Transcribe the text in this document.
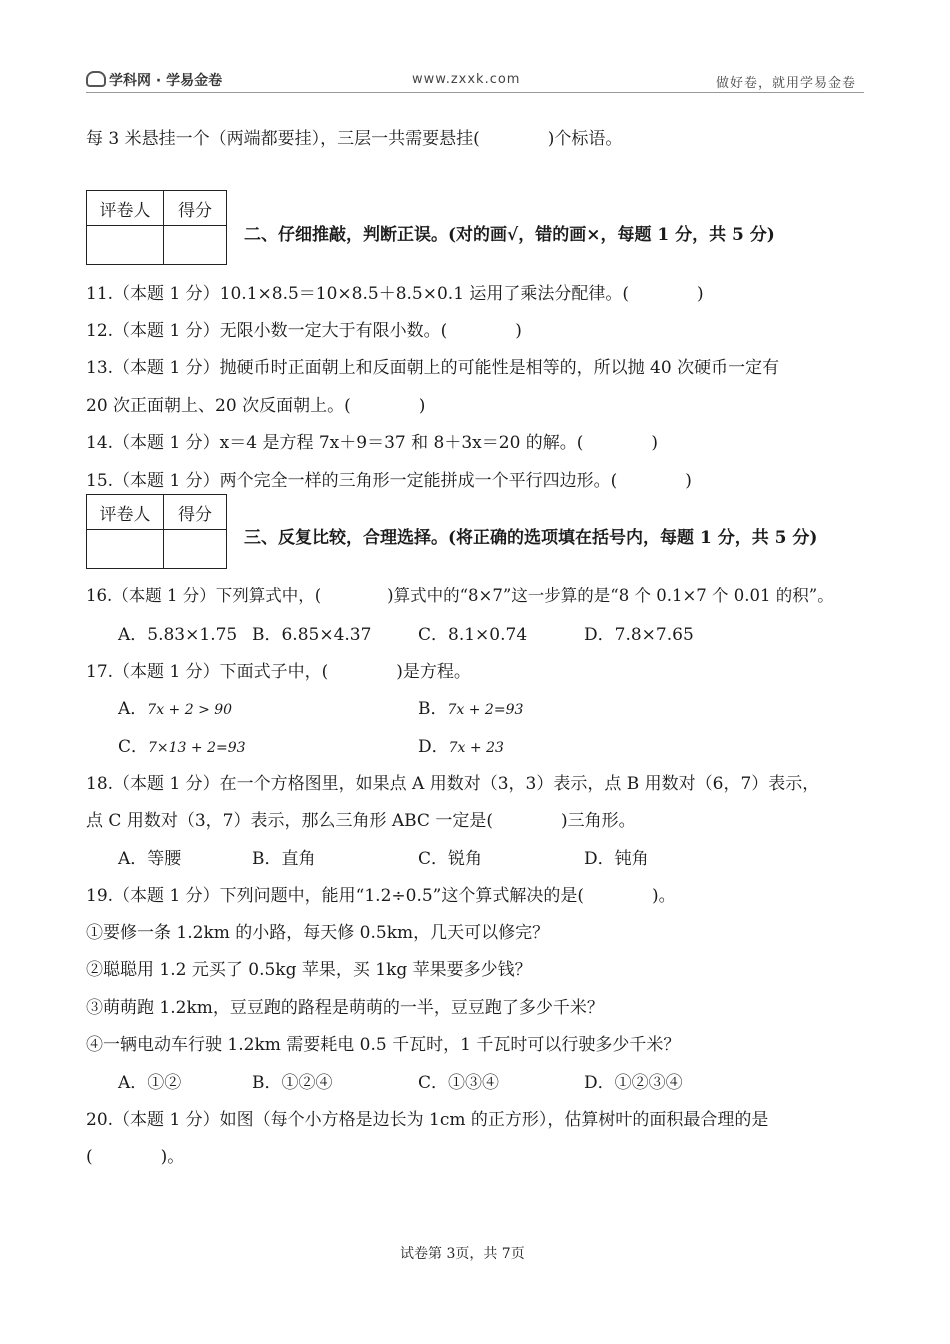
学科网 · 学易金卷	www.zxxk.com	做好卷，就用学易金卷
每 3 米悬挂一个（两端都要挂），三层一共需要悬挂(　　　　)个标语。
评卷人	得分

二、仔细推敲，判断正误。(对的画√，错的画×，每题 1 分，共 5 分)
11.（本题 1 分）10.1×8.5＝10×8.5＋8.5×0.1 运用了乘法分配律。(　　　　)
12.（本题 1 分）无限小数一定大于有限小数。(　　　　)
13.（本题 1 分）抛硬币时正面朝上和反面朝上的可能性是相等的，所以抛 40 次硬币一定有
20 次正面朝上、20 次反面朝上。(　　　　)
14.（本题 1 分）x＝4 是方程 7x＋9＝37 和 8＋3x＝20 的解。(　　　　)
15.（本题 1 分）两个完全一样的三角形一定能拼成一个平行四边形。(　　　　)
评卷人	得分

三、反复比较，合理选择。(将正确的选项填在括号内，每题 1 分，共 5 分)
16.（本题 1 分）下列算式中，(　　　　)算式中的“8×7”这一步算的是“8 个 0.1×7 个 0.01 的积”。
A．5.83×1.75 B．6.85×4.37	C．8.1×0.74	D．7.8×7.65
17.（本题 1 分）下面式子中，(　　　　)是方程。
A．7x + 2 > 90	B．7x + 2=93
C．7×13 + 2=93	D．7x + 23
18.（本题 1 分）在一个方格图里，如果点 A 用数对（3，3）表示，点 B 用数对（6，7）表示，
点 C 用数对（3，7）表示，那么三角形 ABC 一定是(　　　　)三角形。
A．等腰	B．直角	C．锐角	D．钝角
19.（本题 1 分）下列问题中，能用“1.2÷0.5”这个算式解决的是(　　　　)。
①要修一条 1.2km 的小路，每天修 0.5km，几天可以修完？
②聪聪用 1.2 元买了 0.5kg 苹果，买 1kg 苹果要多少钱？
③萌萌跑 1.2km，豆豆跑的路程是萌萌的一半，豆豆跑了多少千米？
④一辆电动车行驶 1.2km 需要耗电 0.5 千瓦时，1 千瓦时可以行驶多少千米？
A．①②	B．①②④	C．①③④	D．①②③④
20.（本题 1 分）如图（每个小方格是边长为 1cm 的正方形），估算树叶的面积最合理的是
(　　　　)。
试卷第 3页，共 7页
